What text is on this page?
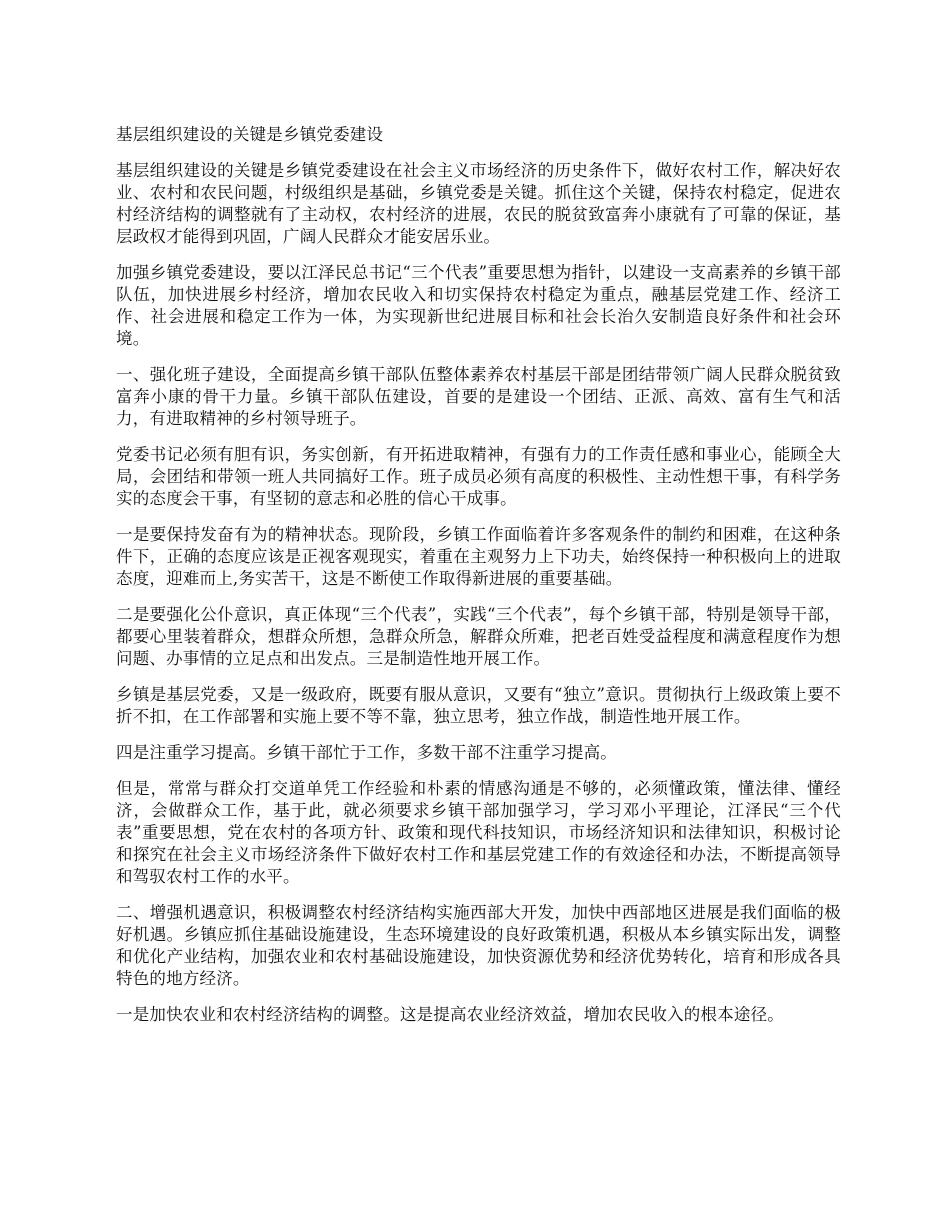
基层组织建设的关键是乡镇党委建设

基层组织建设的关键是乡镇党委建设在社会主义市场经济的历史条件下，做好农村工作，解决好农业、农村和农民问题，村级组织是基础，乡镇党委是关键。抓住这个关键，保持农村稳定，促进农村经济结构的调整就有了主动权，农村经济的进展，农民的脱贫致富奔小康就有了可靠的保证，基层政权才能得到巩固，广阔人民群众才能安居乐业。

加强乡镇党委建设，要以江泽民总书记“三个代表”重要思想为指针，以建设一支高素养的乡镇干部队伍，加快进展乡村经济，增加农民收入和切实保持农村稳定为重点，融基层党建工作、经济工作、社会进展和稳定工作为一体，为实现新世纪进展目标和社会长治久安制造良好条件和社会环境。

一、强化班子建设，全面提高乡镇干部队伍整体素养农村基层干部是团结带领广阔人民群众脱贫致富奔小康的骨干力量。乡镇干部队伍建设，首要的是建设一个团结、正派、高效、富有生气和活力，有进取精神的乡村领导班子。

党委书记必须有胆有识，务实创新，有开拓进取精神，有强有力的工作责任感和事业心，能顾全大局，会团结和带领一班人共同搞好工作。班子成员必须有高度的积极性、主动性想干事，有科学务实的态度会干事，有坚韧的意志和必胜的信心干成事。

一是要保持发奋有为的精神状态。现阶段，乡镇工作面临着许多客观条件的制约和困难，在这种条件下，正确的态度应该是正视客观现实，着重在主观努力上下功夫，始终保持一种积极向上的进取态度，迎难而上,务实苦干，这是不断使工作取得新进展的重要基础。

二是要强化公仆意识，真正体现“三个代表”，实践“三个代表”，每个乡镇干部，特别是领导干部，都要心里装着群众，想群众所想，急群众所急，解群众所难，把老百姓受益程度和满意程度作为想问题、办事情的立足点和出发点。三是制造性地开展工作。

乡镇是基层党委，又是一级政府，既要有服从意识，又要有“独立”意识。贯彻执行上级政策上要不折不扣，在工作部署和实施上要不等不靠，独立思考，独立作战，制造性地开展工作。

四是注重学习提高。乡镇干部忙于工作，多数干部不注重学习提高。

但是，常常与群众打交道单凭工作经验和朴素的情感沟通是不够的，必须懂政策，懂法律、懂经济，会做群众工作，基于此，就必须要求乡镇干部加强学习，学习邓小平理论，江泽民“三个代表”重要思想，党在农村的各项方针、政策和现代科技知识，市场经济知识和法律知识，积极讨论和探究在社会主义市场经济条件下做好农村工作和基层党建工作的有效途径和办法，不断提高领导和驾驭农村工作的水平。

二、增强机遇意识，积极调整农村经济结构实施西部大开发，加快中西部地区进展是我们面临的极好机遇。乡镇应抓住基础设施建设，生态环境建设的良好政策机遇，积极从本乡镇实际出发，调整和优化产业结构，加强农业和农村基础设施建设，加快资源优势和经济优势转化，培育和形成各具特色的地方经济。

一是加快农业和农村经济结构的调整。这是提高农业经济效益，增加农民收入的根本途径。
